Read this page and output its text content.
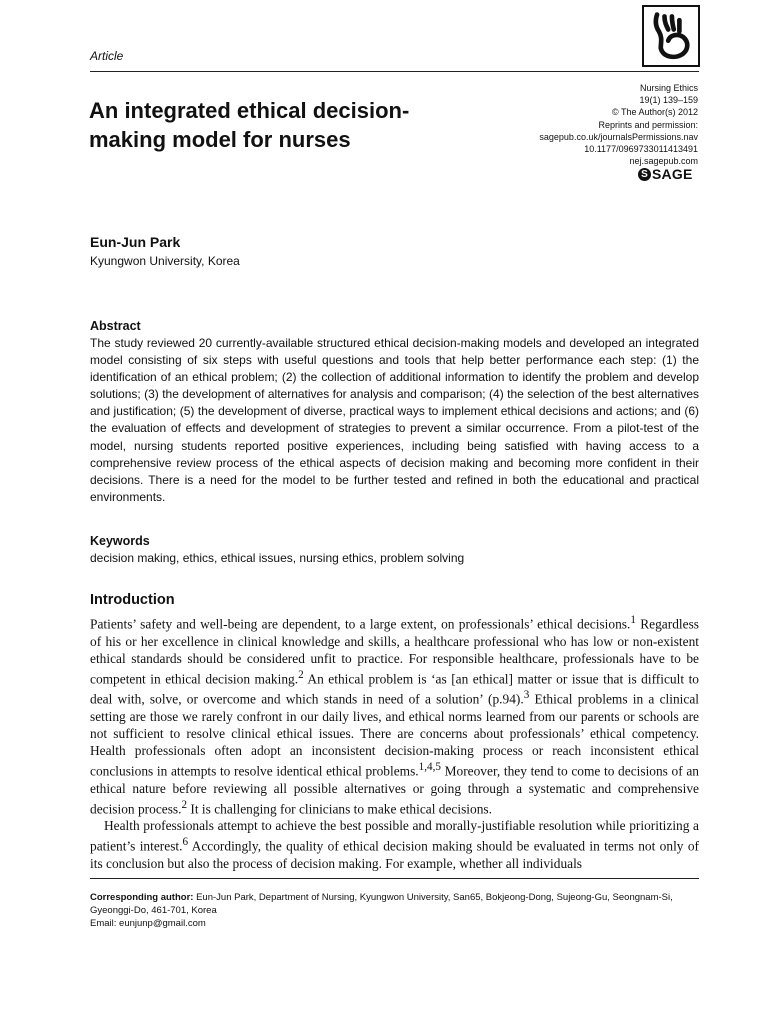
Article
An integrated ethical decision-making model for nurses
Nursing Ethics
19(1) 139–159
© The Author(s) 2012
Reprints and permission:
sagepub.co.uk/journalsPermissions.nav
10.1177/0969733011413491
nej.sagepub.com
S SAGE
Eun-Jun Park
Kyungwon University, Korea
Abstract
The study reviewed 20 currently-available structured ethical decision-making models and developed an integrated model consisting of six steps with useful questions and tools that help better performance each step: (1) the identification of an ethical problem; (2) the collection of additional information to identify the problem and develop solutions; (3) the development of alternatives for analysis and comparison; (4) the selection of the best alternatives and justification; (5) the development of diverse, practical ways to implement ethical decisions and actions; and (6) the evaluation of effects and development of strategies to prevent a similar occurrence. From a pilot-test of the model, nursing students reported positive experiences, including being satisfied with having access to a comprehensive review process of the ethical aspects of decision making and becoming more confident in their decisions. There is a need for the model to be further tested and refined in both the educational and practical environments.
Keywords
decision making, ethics, ethical issues, nursing ethics, problem solving
Introduction

Patients’ safety and well-being are dependent, to a large extent, on professionals’ ethical decisions.$^1$ Regardless of his or her excellence in clinical knowledge and skills, a healthcare professional who has low or non-existent ethical standards should be considered unfit to practice. For responsible healthcare, professionals have to be competent in ethical decision making.$^2$ An ethical problem is ‘as [an ethical] matter or issue that is difficult to deal with, solve, or overcome and which stands in need of a solution’ (p.94).$^3$ Ethical problems in a clinical setting are those we rarely confront in our daily lives, and ethical norms learned from our parents or schools are not sufficient to resolve clinical ethical issues. There are concerns about professionals’ ethical competency. Health professionals often adopt an inconsistent decision-making process or reach inconsistent ethical conclusions in attempts to resolve identical ethical problems.$^{1,4,5}$ Moreover, they tend to come to decisions of an ethical nature before reviewing all possible alternatives or going through a systematic and comprehensive decision process.$^2$ It is challenging for clinicians to make ethical decisions.

Health professionals attempt to achieve the best possible and morally-justifiable resolution while prioritizing a patient’s interest.$^6$ Accordingly, the quality of ethical decision making should be evaluated in terms not only of its conclusion but also the process of decision making. For example, whether all individuals

Corresponding author: Eun-Jun Park, Department of Nursing, Kyungwon University, San65, Bokjeong-Dong, Sujeong-Gu, Seongnam-Si, Gyeonggi-Do, 461-701, Korea
Email: eunjunp@gmail.com
